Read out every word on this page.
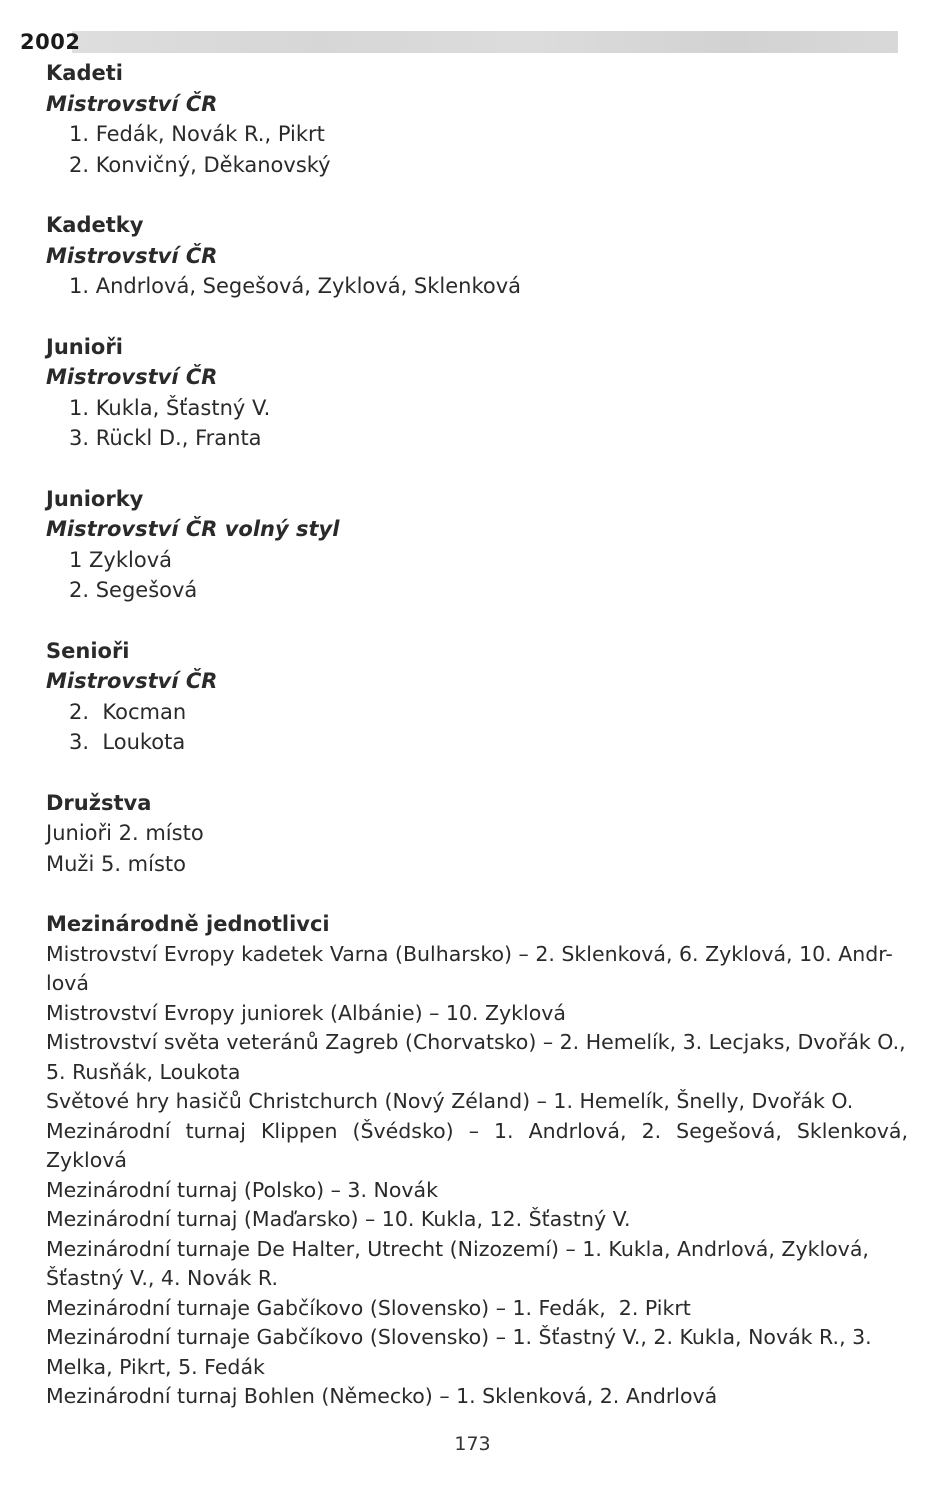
2002
Kadeti
Mistrovství ČR
1. Fedák, Novák R., Pikrt
2. Konvičný, Děkanovský
Kadetky
Mistrovství ČR
1. Andrlová, Segešová, Zyklová, Sklenková
Junioři
Mistrovství ČR
1. Kukla, Šťastný V.
3. Rückl D., Franta
Juniorky
Mistrovství ČR volný styl
1 Zyklová
2. Segešová
Senioři
Mistrovství ČR
2.  Kocman
3.  Loukota
Družstva
Junioři 2. místo
Muži 5. místo
Mezinárodně jednotlivci
Mistrovství Evropy kadetek Varna (Bulharsko) – 2. Sklenková, 6. Zyklová, 10. Andr-
lová
Mistrovství Evropy juniorek (Albánie) – 10. Zyklová
Mistrovství světa veteránů Zagreb (Chorvatsko) – 2. Hemelík, 3. Lecjaks, Dvořák O.,
5. Rusňák, Loukota
Světové hry hasičů Christchurch (Nový Zéland) – 1. Hemelík, Šnelly, Dvořák O.
Mezinárodní turnaj Klippen (Švédsko) – 1. Andrlová, 2. Segešová, Sklenková, Zyklová
Mezinárodní turnaj (Polsko) – 3. Novák
Mezinárodní turnaj (Maďarsko) – 10. Kukla, 12. Šťastný V.
Mezinárodní turnaje De Halter, Utrecht (Nizozemí) – 1. Kukla, Andrlová, Zyklová,
Šťastný V., 4. Novák R.
Mezinárodní turnaje Gabčíkovo (Slovensko) – 1. Fedák,  2. Pikrt
Mezinárodní turnaje Gabčíkovo (Slovensko) – 1. Šťastný V., 2. Kukla, Novák R., 3.
Melka, Pikrt, 5. Fedák
Mezinárodní turnaj Bohlen (Německo) – 1. Sklenková, 2. Andrlová
173
